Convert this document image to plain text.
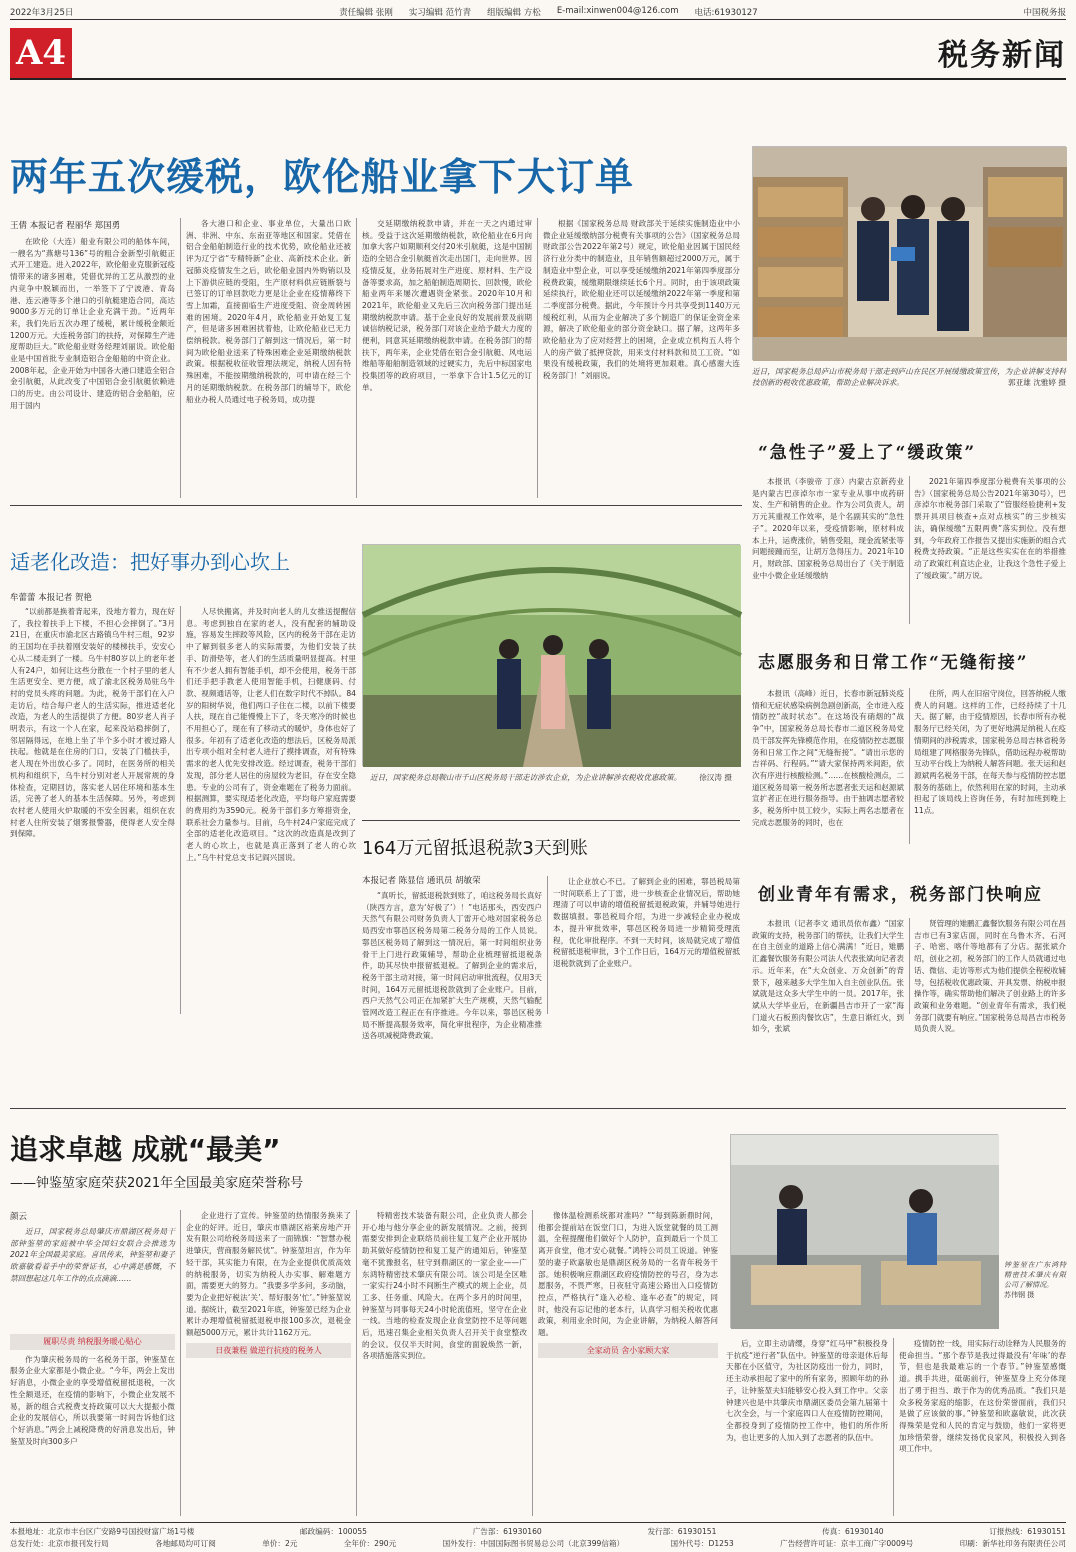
2022年3月25日	责任编辑 张刚 实习编辑 范竹青 组版编辑 方松 E-mail:xinwen004@126.com 电话:61930127	中国税务报
A4	税务新闻
两年五次缓税，欧伦船业拿下大订单
王倩 本报记者 程丽华 郑国勇

在欧伦（大连）船业有限公司的船体车间，一艘名为“燕塘号136”号的粗合金新型引航艇正式开工建造。进入2022年，欧伦船业克服新冠疫情带来的诸多困难，凭借优异的工艺从激烈的业内竞争中脱颖而出，一举签下了宁波港、青岛港、连云港等多个港口的引航艇建造合同，高达9000多万元的订单让企业充满干劲。“近两年来，我们先后五次办理了缓税，累计缓税金额近1200万元。大连税务部门的扶持，对保障生产进度帮助巨大。”欧伦船业财务经理刘丽说。欧伦船业是中国首批专业制造铝合金船舶的中资企业。2008年起，企业开始为中国各大港口建造全铝合金引航艇，从此改变了中国铝合金引航艇依赖进口的历史。由公司设计、建造的铝合金船舶，应用于国内

各大港口和企业、事业单位，大量出口欧洲、非洲、中东、东南亚等地区和国家。凭借在铝合金船舶制造行业的技术优势，欧伦船业还被评为辽宁省“专精特新”企业、高新技术企业。新冠肺炎疫情发生之后，欧伦船业国内外购销以及上下游供应链的受阻，生产原材料供应链断裂与已签订的订单回款吃力更是让企业在疫情幕终下雪上加霜，直接面临生产进度受阻、资金周转困难的困境。2020年4月，欧伦船业开始复工复产，但是诸多困难困扰着他，让欧伦船业已无力偿纳税款。税务部门了解到这一情况后，第一时间为欧伦船业送来了特殊困难企业延期缴纳税款政策。根据税收征收管理法规定，纳税人因有特殊困难，不能按期缴纳税款的，可申请在经三个月的延期缴纳税款。在税务部门的辅导下，欧伦船业办税人员通过电子税务局，成功提

交延期缴纳税款申请，并在一天之内通过审核。受益于这次延期缴纳税款，欧伦船业在6月向加拿大客户如期顺利交付20米引航艇，这是中国制造的全铝合金引航艇首次走出国门，走向世界。因疫情反复，业务拓展对生产进度、原材料、生产设备等要求高，加之船舶制造周期长、回款慢，欧伦船业两年来屡次遭遇资金紧张。2020年10月和2021年，欧伦船业又先后三次向税务部门提出延期缴纳税款申请。基于企业良好的发展前景及前期诚信纳税记录，税务部门对该企业给予最大力度的便利，同意其延期缴纳税款申请。在税务部门的帮扶下，两年来，企业凭借在铝合金引航艇、风电运维船等船舶制造领域的过硬实力，先后中标国家电投集团等的政府项目，一举拿下合计1.5亿元的订单。

根据《国家税务总局 财政部关于延续实施制造业中小微企业延缓缴纳部分税费有关事项的公告》（国家税务总局 财政部公告2022年第2号）规定，欧伦船业因属于国民经济行业分类中的制造业，且年销售额超过2000万元，属于制造业中型企业，可以享受延缓缴纳2021年第四季度部分税费政策，缓缴期限继续延长6个月。同时，由于该项政策延续执行，欧伦船业还可以延缓缴纳2022年第一季度和第二季度部分税费。据此，今年预计今月共享受到1140万元缓税红利，从而为企业解决了多个制造厂的保证金资金来源，解决了欧伦船业的部分资金缺口。据了解，这两年多欧伦船业为了应对经营上的困境，企业成立机构五人将个人的房产做了抵押贷款，用来支付材料款和员工工资。“如果没有缓税政策，我们的处境将更加艰难。真心感谢大连税务部门！”刘丽说。	近日，国家税务总局庐山市税务局干部走到庐山在民区开展缓缴政策宣传，为企业讲解支持科技创新的税收优惠政策，帮助企业解决诉求。	郭亚雄 沈雅婷 摄
“急性子”爱上了“缓政策”

本报讯（李骏帝 丁彦）内蒙古京新药业是内蒙古巴彦淖尔市一家专业从事中成药研发、生产和销售的企业。作为公司负责人，胡万元其重视工作效率，是个名副其实的“急性子”。2020年以来，受疫情影响，原材料成本上升，运费涨价，销售受阻，现金流紧张等问题接踵而至，让胡万急得压力。2021年10月，财政部、国家税务总局出台了《关于制造业中小微企业延缓缴纳

2021年第四季度部分税费有关事项的公告》（国家税务总局公告2021年第30号），巴彦淖尔市税务部门采取了“管服经验捷利+发票开具项目核查+点对点核实”的三步核实法，确保缓缴“五限两费”落实到位。没有想到，今年政府工作报告又提出实施新的组合式税费支持政策。“正是这些实实在在的举措推动了政策红利直达企业，让我这个急性子爱上了‘缓政策’。”胡万说。

适老化改造：把好事办到心坎上
牟蕾蕾 本报记者 贺艳

“以前都是换着背起来，没地方着力，现在好了，我拉着扶手上下楼，不担心会摔倒了。”3月21日，在重庆市渝北区古路镇乌牛村三组，92岁的王国均在手扶着刚安装好的楼梯扶手，安安心心从二楼走到了一楼。乌牛村80岁以上的老年老人有24户，如何让这些分散在一个村子里的老人生活更安全、更方便，成了渝北区税务局驻乌牛村的党员头疼的问题。为此，税务干部们在入户走访后，结合每户老人的生活实际，推进适老化改造，为老人的生活提供了方便。80岁老人肖子明表示，有这一个人在家，起来没站稳摔倒了，邻居隔得远，在地上坐了半个多小时才被过路人扶起。他就是在住房的门口，安装了门槛扶手，老人现在外出放心多了。同时，在医务所的相关机构和组织下，乌牛村分别对老人开展常规的身体检查，定期回访，落实老人居住环境和基本生活，完善了老人的基本生活保障。另外，考虑到农村老人使用火炉取暖的不安全因素，组织在农村老人住所安装了烟雾报警器，使得老人安全得到保障。

人尽快搬离，并及时向老人的儿女推送提醒信息。考虑到独自在家的老人，没有配套的辅助设施，容易发生摔跤等风险，区内的税务干部在走访中了解到很多老人的实际需要，为他们安装了扶手、防滑垫等，老人们的生活质量明显提高。村里有不少老人拥有智能手机，却不会使用，税务干部们还手把手教老人使用智能手机，扫健康码、付款、视频通话等，让老人们在数字时代不掉队。84岁的阳树华说，他们两口子住在二楼，以前下楼要人扶，现在自己能慢慢上下了，冬天寒冷的时候也不用担心了，现在有了移动式的暖炉，身体也好了很多。年初有了适老化改造的想法后，区税务局派出专项小组对全村老人进行了摸排调查，对有特殊需求的老人优先安排改造。经过调查，税务干部们发现，部分老人居住的房屋较为老旧，存在安全隐患。专业的公司有了，资金难题在了税务力面前。根据测算，要实现适老化改造，平均每户家庭需要的费用约为3590元。税务干部们多方筹措资金，联系社会力量参与。目前，乌牛村24户家庭完成了全部的适老化改造项目。“这次的改造真是改到了老人的心坎上，也就是真正落到了老人的心坎上。”乌牛村党总支书记阎兴国说。

近日，国家税务总局鞍山市千山区税务局干部走访涉农企业，为企业讲解涉农税收优惠政策。 徐汉涛 摄
164万元留抵退税款3天到账
本报记者 陈显信 通讯员 胡敏荣

“真听长，留抵退税款到账了，咱这税务局长真好（陕西方言，意为‘好极了’）！”电话那头，西安西户天然气有限公司财务负责人丁雷开心地对国家税务总局西安市鄠邑区税务局第二税务分局的工作人员说。鄠邑区税务局了解到这一情况后，第一时间组织业务骨干上门进行政策辅导，帮助企业梳理留抵退税条件，助其尽快申报留抵退税。了解到企业的需求后，税务干部主动对接，第一时间启动审批流程，仅用3天时间，164万元留抵退税款就到了企业账户。目前，西户天然气公司正在加紧扩大生产规模，天然气输配管网改造工程正在有序推进。今年以来，鄠邑区税务局不断提高服务效率，简化审批程序，为企业精准推送各项减税降费政策。

让企业放心不已。了解到企业的困难，鄠邑税局第一时间联系上了丁雷，进一步核查企业情况后，帮助她理清了可以申请的增值税留抵退税政策，并辅导她进行数据填报。鄠邑税局介绍，为进一步减轻企业办税成本，提升审批效率，鄠邑区税务局进一步精简受理流程，优化审批程序。不到一天时间，该局就完成了增值税留抵退税审批，3个工作日后，164万元的增值税留抵退税款就到了企业账户。

志愿服务和日常工作“无缝衔接”

本报讯（高峰）近日，长春市新冠肺炎疫情和无症状感染病例急剧创新高，全市进入疫情防控“战时状态”。在这场没有硝烟的“战争”中，国家税务总局长春市二道区税务局党员干部发挥先锋模范作用，在疫情防控志愿服务和日常工作之间“无缝衔接”。“请出示您的吉祥码、行程码。”“请大家保持两米间距，依次有序进行核酸检测。”……在核酸检测点，二道区税务局第一税务所志愿者张天运和赵源斌宣扩者正在进行服务指导。由于抽调志愿者较多，税务所中员工较少，实际上两名志愿者在完成志愿服务的同时，也在

住所，两人在旧宿守岗位，回答纳税人缴费人的问题。这样的工作，已经持续了十几天。据了解，由于疫情原因，长春市所有办税服务厅已经关闭，为了更好地满足纳税人在疫情期间的涉税需求，国家税务总局吉林省税务局组建了网格服务先锋队，借助远程办税帮助互动平台线上为纳税人解答问题。张天运和赵源斌两名税务干部，在每天参与疫情防控志愿服务的基础上，依然利用在家的时间，主动承担起了该局线上咨询任务，有时加班到晚上11点。

创业青年有需求，税务部门快响应

本报讯（记者李文 通讯员依布鑫）“国家政策的支持，税务部门的帮扶，让我们大学生在自主创业的道路上信心满满！”近日，雉鹏汇鑫餐饮服务有限公司法人代表张斌向记者表示。近年来，在“大众创业、万众创新”的背景下，越来越多大学生加入自主创业队伍。张斌就是这众多大学生中的一员。2017年，张斌从大学毕业后，在新疆昌吉市开了一家“海门道火石板煎肉餐饮店”，生意日渐红火，到如今，张斌

贤管理的雉鹏汇鑫餐饮服务有限公司在昌吉市已有3家店面，同时在乌鲁木齐、石河子、哈密、喀什等地都有了分店。据张斌介绍，创业之初，税务部门的工作人员就通过电话、微信、走访等形式为他们提供全程税收辅导，包括税收优惠政策、开具发票、纳税申报操作等，确实帮助他们解决了创业路上的许多政策和业务难题。“创业青年有需求，我们税务部门就要有响应。”国家税务总局昌吉市税务局负责人说。

追求卓越 成就“最美”
——钟鉴堃家庭荣获2021年全国最美家庭荣誉称号
颜云

近日，国家税务总局肇庆市鼎湖区税务局干部钟鉴堃的家庭被中华全国妇女联合会推选为2021年全国最美家庭。喜讯传来，钟鉴堃和妻子欧嘉敏看着手中的荣誉证书，心中满是感慨，不禁回想起这几年工作的点点滴滴……

履职尽责 纳税服务暖心贴心

作为肇庆税务局的一名税务干部，钟鉴堃在服务企业大家都是小微企业。“今年，两会上发出好消息，小微企业的享受增值税留抵退税，一次性全额退还，在疫情的影响下，小微企业发展不易，新的组合式税费支持政策可以大大提振小微企业的发展信心，所以我要第一时间告诉他们这个好消息。”两会上减税降费的好消息发出后，钟鉴堃及时向300多户

企业进行了宣传。钟鉴堃的热情服务换来了企业的好评。近日，肇庆市鼎湖区裕莱房地产开发有限公司给税务局送来了一面锦旗：“智慧办税进肇庆，营商服务解民忧”。钟鉴堃坦言，作为年轻干部，其实能力有限，在为企业提供优质高效的纳税服务，切实为纳税人办实事、解难题方面，需要更大的努力。“我要多学多问，多动脑，要为企业把好税法‘关’、帮好服务‘忙’。”钟鉴堃说道。据统计，截至2021年底，钟鉴堃已经为企业累计办理增值税留抵退税申报100多次，退税金额超5000万元，累计共计1162万元。

日夜兼程 做逆行抗疫的税务人

特精密技术装备有限公司，企业负责人都会开心地与他分享企业的新发展情况。之前，接到需要安排到企业联络员前往复工复产企业开展协助其做好疫情防控和复工复产的通知后，钟鉴堃毫不犹豫报名，驻守到鼎湖区的一家企业——广东鸿特精密技术肇庆有限公司。该公司是全区唯一家实行24小时不间断生产模式的规上企业，员工多、任务重、风险大。在两个多月的时间里，钟鉴堃与同事每天24小时轮流值班，坚守在企业一线。当地的检查发现企业食堂防控不足等问题后，迅速召集企业相关负责人召开关于食堂整改的会议。仅仅半天时间，食堂的面貌焕然一新，各项措施落实到位。

像体温检测系统都对准吗？”“每到陈新鼎时间，他都会提前站在饭堂门口，为进入饭堂就餐的员工测温，全程提醒他们做好个人防护，直到最后一个员工离开食堂，他才安心就餐。”鸿特公司员工说道。钟鉴堃的妻子欧嘉敏也是鼎湖区税务局的一名青年税务干部。她积极响应鼎湖区政府疫情防控的号召，身为志愿服务，不畏严寒，日夜驻守高速公路出入口疫情防控点，严格执行“逢入必检、逢车必查”的规定，同时，他没有忘记他的老本行，认真学习相关税收优惠政策，利用业余时间，为企业讲解，为纳税人解答问题。

全家动员 舍小家顾大家

后，立即主动请缨，身穿“红马甲”积极投身于抗疫“逆行者”队伍中。钟鉴堃的母亲退休后每天都在小区值守，为社区防疫出一份力，同时，还主动承担起了家中的所有家务，照顾年幼的孙子，让钟鉴堃夫妇能够安心投入到工作中。父亲钟建兴也是中共肇庆市鼎湖区委员会第九届第十七次全会，与一个家庭四口人在疫情防控期间，全都投身到了疫情防控工作中，他们的所作所为，也让更多的人加入到了志愿者的队伍中。

疫情防控一线，用实际行动诠释为人民服务的使命担当。“那个春节是我过得最没有‘年味’的春节，但也是我最难忘的一个春节。”钟鉴堃感慨道。携手共进，砥砺前行，钟鉴堃身上充分体现出了勇于担当、敢于作为的优秀品质。“我们只是众多税务家庭的缩影，在这份荣誉面前，我们只是做了应该做的事。”钟鉴堃和欧嘉敏说，此次获得殊荣是党和人民的肯定与鼓励，他们一家将更加珍惜荣誉，继续发扬优良家风，积极投入到各项工作中。

钟鉴堃在广东鸿特精密技术肇庆有限公司了解情况。
苏伟钢 摄
本报地址：北京市丰台区广安路9号国投财富广场1号楼	邮政编码：100055	广告部：61930160	发行部：61930151	传真：61930140	订报热线：61930151
总发行处：北京市报刊发行局	各地邮局均可订阅	单价：2元	全年价：290元	国外发行：中国国际图书贸易总公司（北京399信箱）	国外代号：D1253	广告经营许可证：京丰工商广字0009号	印刷：新华社印务有限责任公司
